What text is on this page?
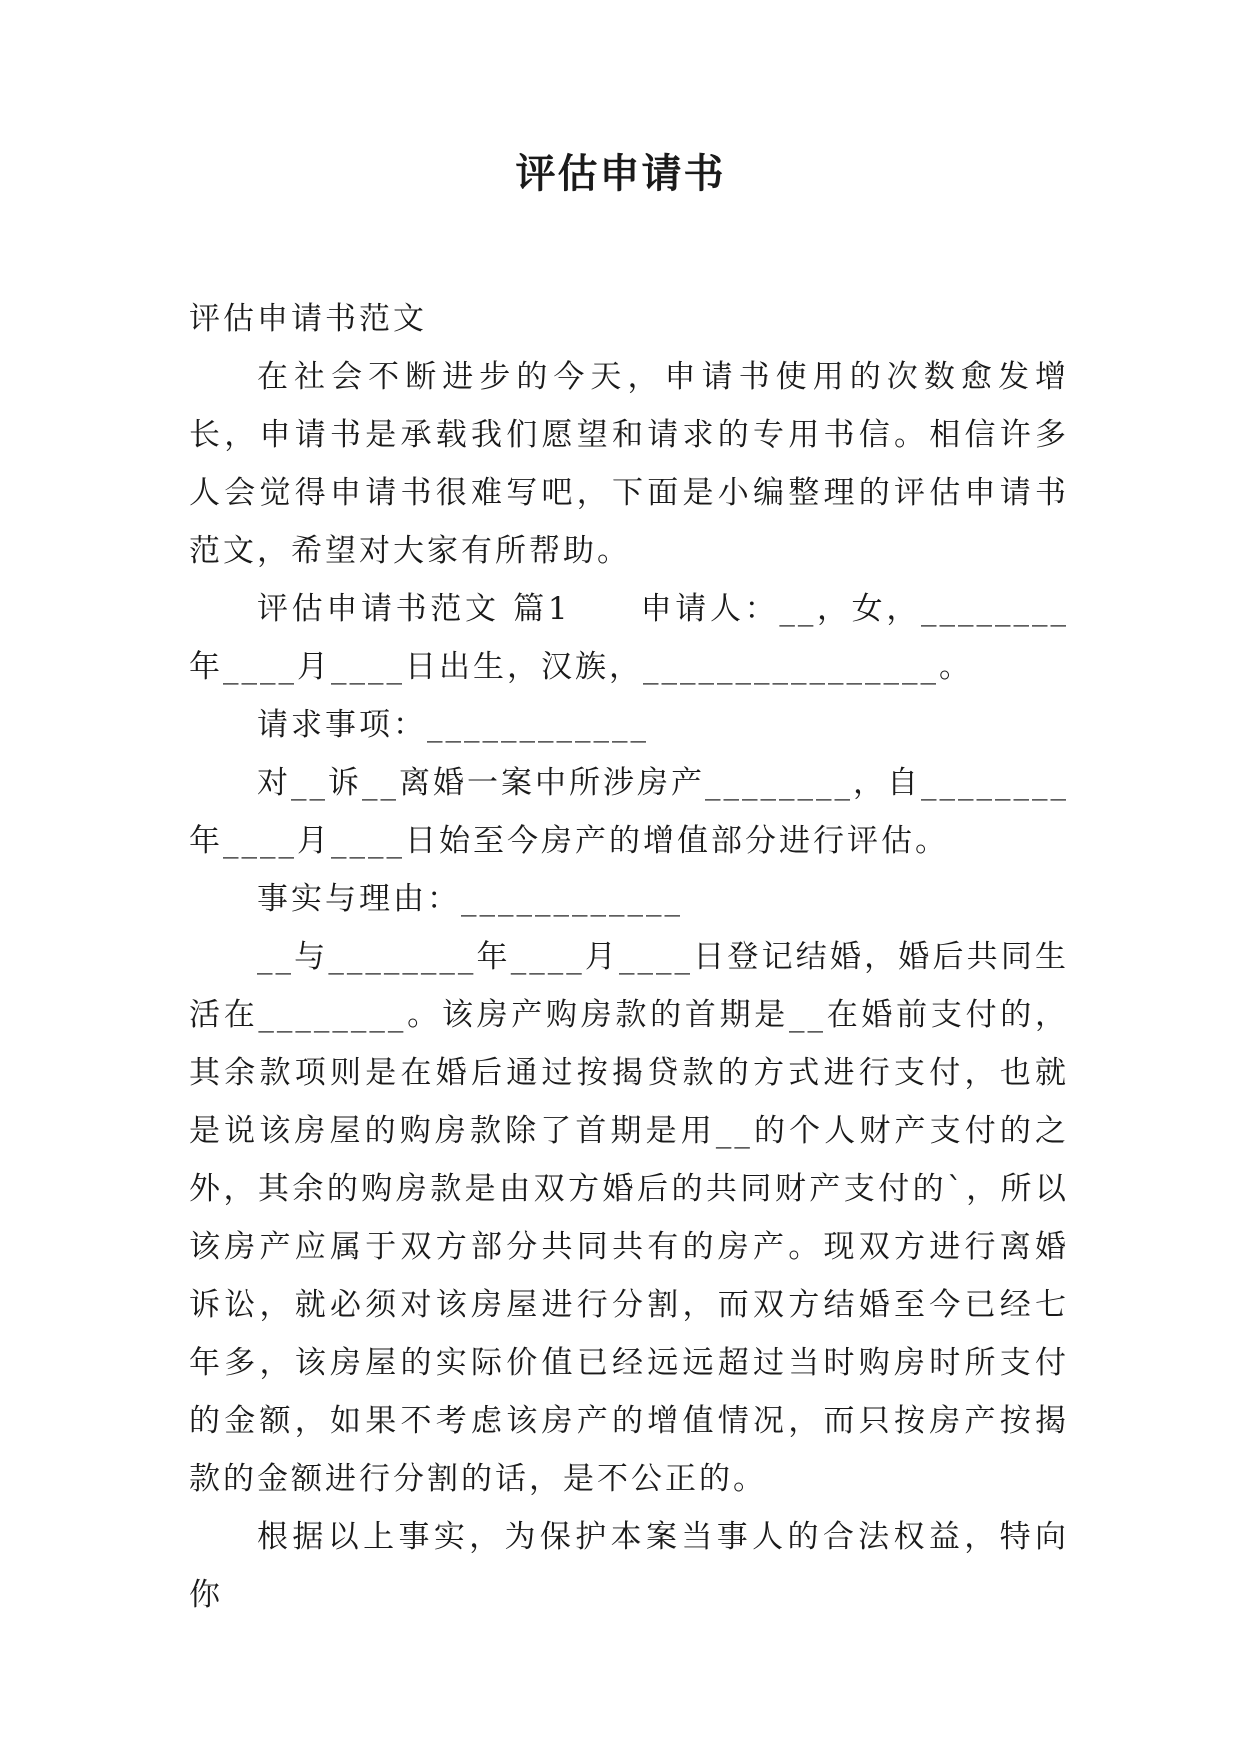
评估申请书

评估申请书范文

在社会不断进步的今天，申请书使用的次数愈发增长，申请书是承载我们愿望和请求的专用书信。相信许多人会觉得申请书很难写吧，下面是小编整理的评估申请书范文，希望对大家有所帮助。

评估申请书范文 篇1　　申请人：__，女，________年____月____日出生，汉族，________________。

请求事项：____________

对__诉__离婚一案中所涉房产________，自________年____月____日始至今房产的增值部分进行评估。

事实与理由：____________

__与________年____月____日登记结婚，婚后共同生活在________。该房产购房款的首期是__在婚前支付的，其余款项则是在婚后通过按揭贷款的方式进行支付，也就是说该房屋的购房款除了首期是用__的个人财产支付的之外，其余的购房款是由双方婚后的共同财产支付的`，所以该房产应属于双方部分共同共有的房产。现双方进行离婚诉讼，就必须对该房屋进行分割，而双方结婚至今已经七年多，该房屋的实际价值已经远远超过当时购房时所支付的金额，如果不考虑该房产的增值情况，而只按房产按揭款的金额进行分割的话，是不公正的。

根据以上事实，为保护本案当事人的合法权益，特向你
